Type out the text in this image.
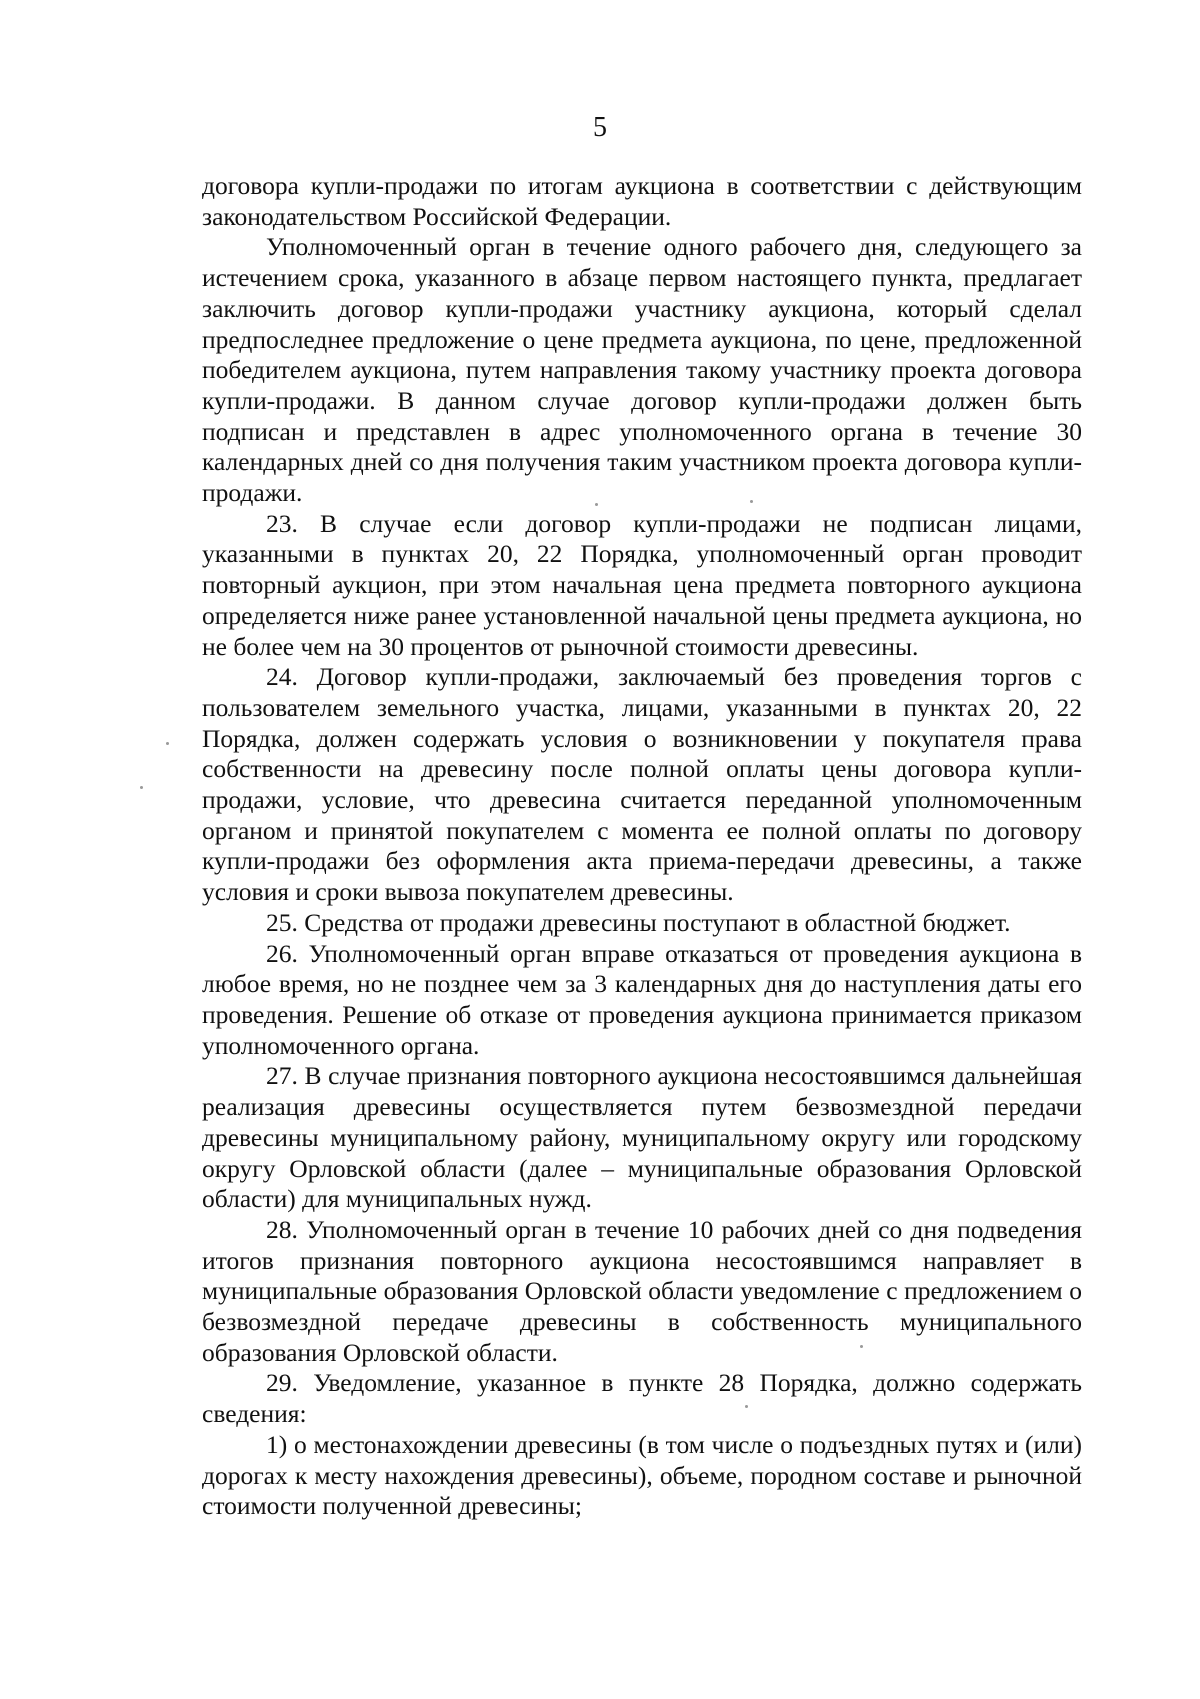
5

договора купли-продажи по итогам аукциона в соответствии с действующим законодательством Российской Федерации.

Уполномоченный орган в течение одного рабочего дня, следующего за истечением срока, указанного в абзаце первом настоящего пункта, предлагает заключить договор купли-продажи участнику аукциона, который сделал предпоследнее предложение о цене предмета аукциона, по цене, предложенной победителем аукциона, путем направления такому участнику проекта договора купли-продажи. В данном случае договор купли-продажи должен быть подписан и представлен в адрес уполномоченного органа в течение 30 календарных дней со дня получения таким участником проекта договора купли-продажи.

23. В случае если договор купли-продажи не подписан лицами, указанными в пунктах 20, 22 Порядка, уполномоченный орган проводит повторный аукцион, при этом начальная цена предмета повторного аукциона определяется ниже ранее установленной начальной цены предмета аукциона, но не более чем на 30 процентов от рыночной стоимости древесины.

24. Договор купли-продажи, заключаемый без проведения торгов с пользователем земельного участка, лицами, указанными в пунктах 20, 22 Порядка, должен содержать условия о возникновении у покупателя права собственности на древесину после полной оплаты цены договора купли-продажи, условие, что древесина считается переданной уполномоченным органом и принятой покупателем с момента ее полной оплаты по договору купли-продажи без оформления акта приема-передачи древесины, а также условия и сроки вывоза покупателем древесины.

25. Средства от продажи древесины поступают в областной бюджет.

26. Уполномоченный орган вправе отказаться от проведения аукциона в любое время, но не позднее чем за 3 календарных дня до наступления даты его проведения. Решение об отказе от проведения аукциона принимается приказом уполномоченного органа.

27. В случае признания повторного аукциона несостоявшимся дальнейшая реализация древесины осуществляется путем безвозмездной передачи древесины муниципальному району, муниципальному округу или городскому округу Орловской области (далее – муниципальные образования Орловской области) для муниципальных нужд.

28. Уполномоченный орган в течение 10 рабочих дней со дня подведения итогов признания повторного аукциона несостоявшимся направляет в муниципальные образования Орловской области уведомление с предложением о безвозмездной передаче древесины в собственность муниципального образования Орловской области.

29. Уведомление, указанное в пункте 28 Порядка, должно содержать сведения:

1) о местонахождении древесины (в том числе о подъездных путях и (или) дорогах к месту нахождения древесины), объеме, породном составе и рыночной стоимости полученной древесины;
